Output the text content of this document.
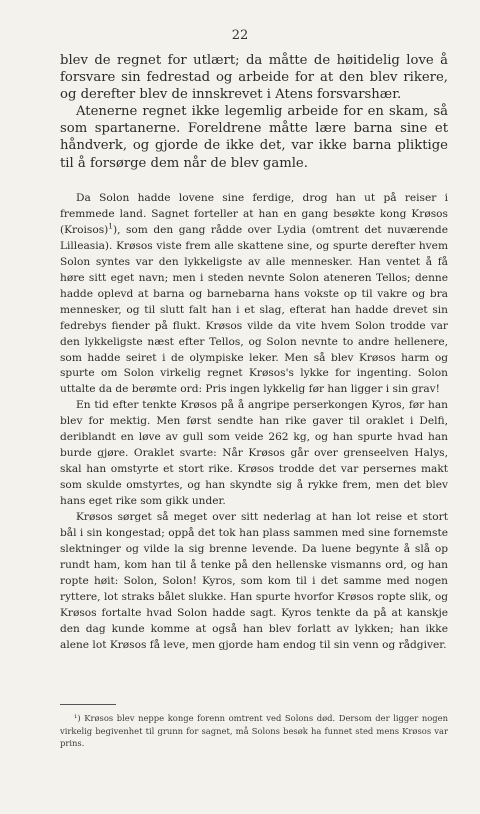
22

blev de regnet for utlært; da måtte de høitidelig love å forsvare sin fedrestad og arbeide for at den blev rikere, og derefter blev de innskrevet i Atens forsvarshær.

Atenerne regnet ikke legemlig arbeide for en skam, så som spartanerne. Foreldrene måtte lære barna sine et håndverk, og gjorde de ikke det, var ikke barna pliktige til å forsørge dem når de blev gamle.

Da Solon hadde lovene sine ferdige, drog han ut på reiser i fremmede land. Sagnet forteller at han en gang besøkte kong Krøsos (Kroisos)$^1$), som den gang rådde over Lydia (omtrent det nuværende Lilleasia). Krøsos viste frem alle skattene sine, og spurte derefter hvem Solon syntes var den lykkeligste av alle mennesker. Han ventet å få høre sitt eget navn; men i steden nevnte Solon ateneren Tellos; denne hadde oplevd at barna og barnebarna hans vokste op til vakre og bra mennesker, og til slutt falt han i et slag, efterat han hadde drevet sin fedrebys fiender på flukt. Krøsos vilde da vite hvem Solon trodde var den lykkeligste næst efter Tellos, og Solon nevnte to andre hellenere, som hadde seiret i de olympiske leker. Men så blev Krøsos harm og spurte om Solon virkelig regnet Krøsos's lykke for ingenting. Solon uttalte da de berømte ord: Pris ingen lykkelig før han ligger i sin grav!

En tid efter tenkte Krøsos på å angripe perserkongen Kyros, før han blev for mektig. Men først sendte han rike gaver til oraklet i Delfi, deriblandt en løve av gull som veide 262 kg, og han spurte hvad han burde gjøre. Oraklet svarte: Når Krøsos går over grenseelven Halys, skal han omstyrte et stort rike. Krøsos trodde det var persernes makt som skulde omstyrtes, og han skyndte sig å rykke frem, men det blev hans eget rike som gikk under.

Krøsos sørget så meget over sitt nederlag at han lot reise et stort bål i sin kongestad; oppå det tok han plass sammen med sine fornemste slektninger og vilde la sig brenne levende. Da luene begynte å slå op rundt ham, kom han til å tenke på den hellenske vismanns ord, og han ropte høit: Solon, Solon! Kyros, som kom til i det samme med nogen ryttere, lot straks bålet slukke. Han spurte hvorfor Krøsos ropte slik, og Krøsos fortalte hvad Solon hadde sagt. Kyros tenkte da på at kanskje den dag kunde komme at også han blev forlatt av lykken; han ikke alene lot Krøsos få leve, men gjorde ham endog til sin venn og rådgiver.

¹) Krøsos blev neppe konge forenn omtrent ved Solons død. Dersom der ligger nogen virkelig begivenhet til grunn for sagnet, må Solons besøk ha funnet sted mens Krøsos var prins.
